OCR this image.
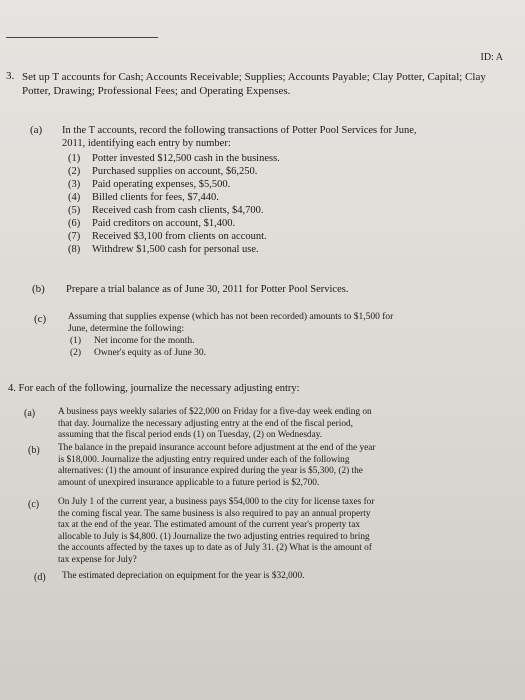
ID: A
3. Set up T accounts for Cash; Accounts Receivable; Supplies; Accounts Payable; Clay Potter, Capital; Clay
Potter, Drawing; Professional Fees; and Operating Expenses.
(a) In the T accounts, record the following transactions of Potter Pool Services for June,
2011, identifying each entry by number:
(1) Potter invested $12,500 cash in the business.
(2) Purchased supplies on account, $6,250.
(3) Paid operating expenses, $5,500.
(4) Billed clients for fees, $7,440.
(5) Received cash from cash clients, $4,700.
(6) Paid creditors on account, $1,400.
(7) Received $3,100 from clients on account.
(8) Withdrew $1,500 cash for personal use.
(b) Prepare a trial balance as of June 30, 2011 for Potter Pool Services.
(c) Assuming that supplies expense (which has not been recorded) amounts to $1,500 for
June, determine the following:
(1) Net income for the month.
(2) Owner's equity as of June 30.
4. For each of the following, journalize the necessary adjusting entry:
(a) A business pays weekly salaries of $22,000 on Friday for a five-day week ending on
that day. Journalize the necessary adjusting entry at the end of the fiscal period,
assuming that the fiscal period ends (1) on Tuesday, (2) on Wednesday.
(b) The balance in the prepaid insurance account before adjustment at the end of the year
is $18,000. Journalize the adjusting entry required under each of the following
alternatives: (1) the amount of insurance expired during the year is $5,300, (2) the
amount of unexpired insurance applicable to a future period is $2,700.
(c) On July 1 of the current year, a business pays $54,000 to the city for license taxes for
the coming fiscal year. The same business is also required to pay an annual property
tax at the end of the year. The estimated amount of the current year's property tax
allocable to July is $4,800. (1) Journalize the two adjusting entries required to bring
the accounts affected by the taxes up to date as of July 31. (2) What is the amount of
tax expense for July?
(d) The estimated depreciation on equipment for the year is $32,000.
